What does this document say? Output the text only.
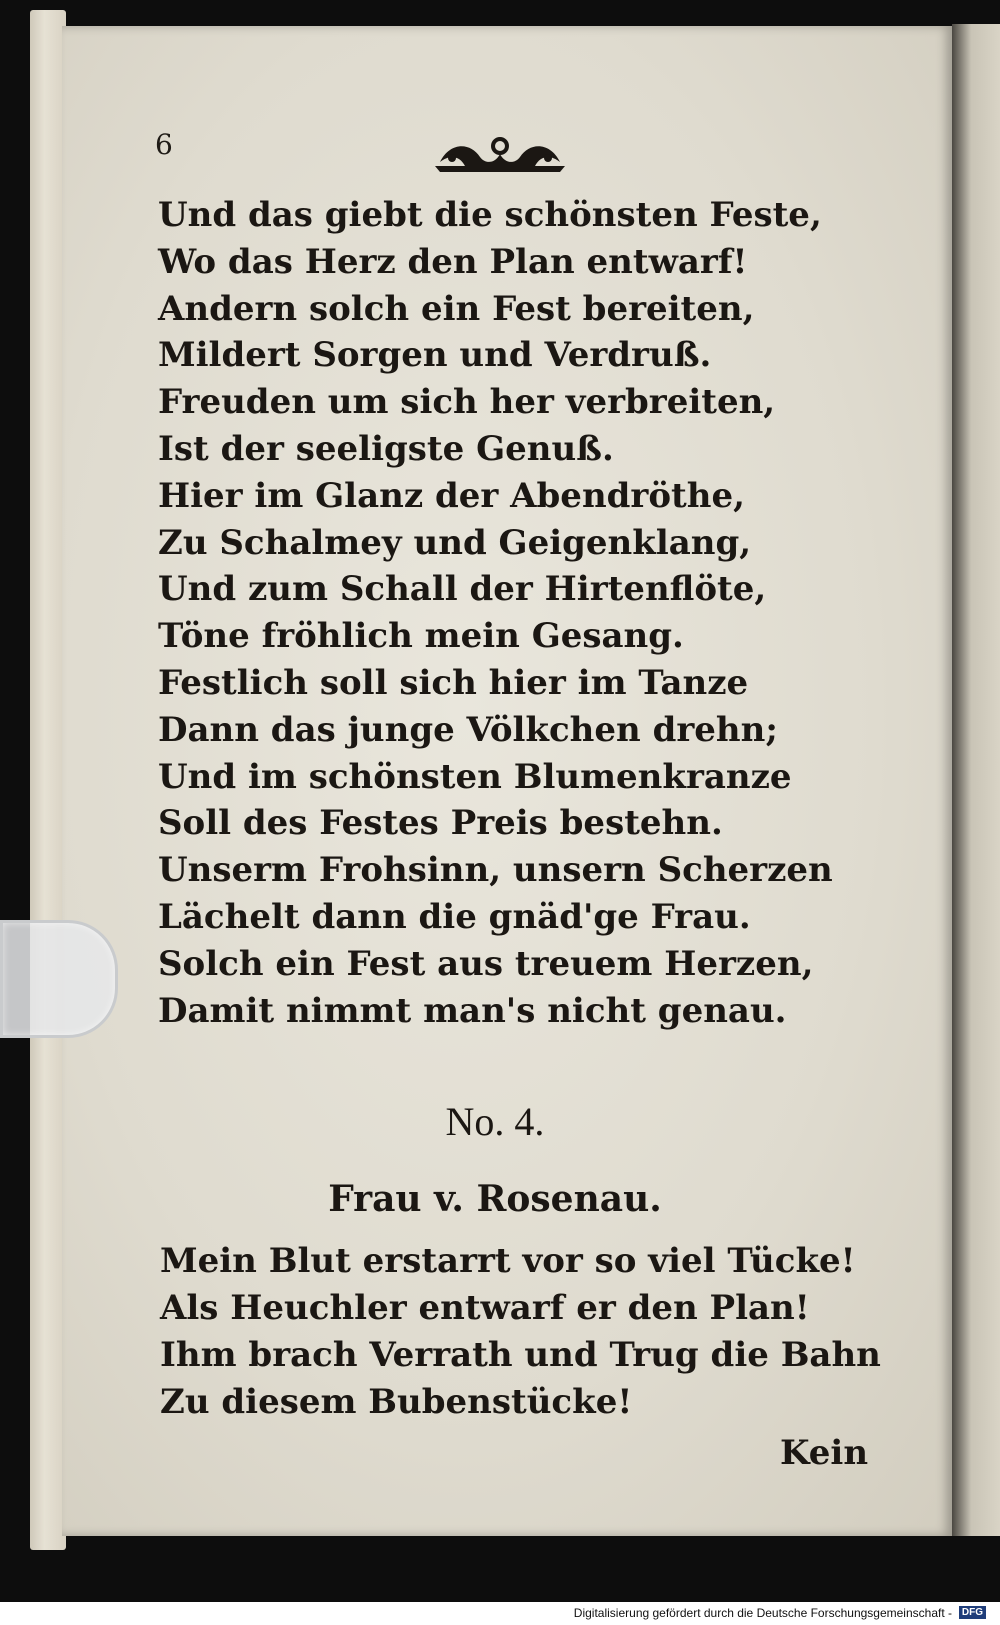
6
Und das giebt die schönsten Feste,
Wo das Herz den Plan entwarf!
Andern solch ein Fest bereiten,
Mildert Sorgen und Verdruß.
Freuden um sich her verbreiten,
Ist der seeligste Genuß.
Hier im Glanz der Abendröthe,
Zu Schalmey und Geigenklang,
Und zum Schall der Hirtenflöte,
Töne fröhlich mein Gesang.
Festlich soll sich hier im Tanze
Dann das junge Völkchen drehn;
Und im schönsten Blumenkranze
Soll des Festes Preis bestehn.
Unserm Frohsinn, unsern Scherzen
Lächelt dann die gnäd'ge Frau.
Solch ein Fest aus treuem Herzen,
Damit nimmt man's nicht genau.
No. 4.
Frau v. Rosenau.
Mein Blut erstarrt vor so viel Tücke!
Als Heuchler entwarf er den Plan!
Ihm brach Verrath und Trug die Bahn
Zu diesem Bubenstücke!
Kein
Digitalisierung gefördert durch die Deutsche Forschungsgemeinschaft - DFG
